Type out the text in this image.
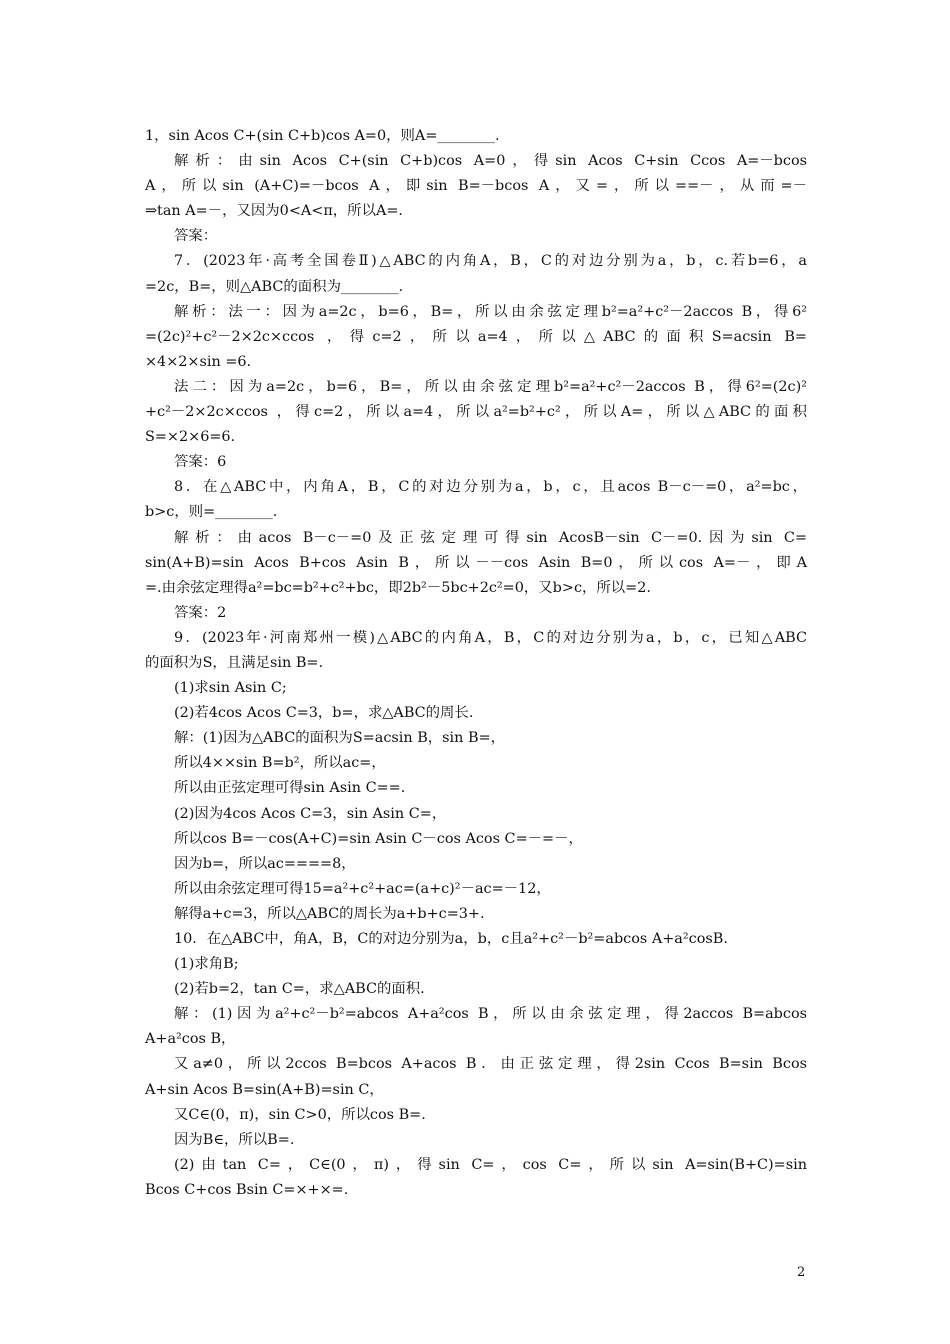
1，sin Acos C+(sin C+b)cos A=0，则A=________.
解析：由sin Acos C+(sin C+b)cos A=0，得sin Acos C+sin Ccos A=－bcos
A，所以sin (A+C)=－bcos A，即sin B=－bcos A，又=，所以==－，从而=－
⇒tan A=－，又因为0<A<π，所以A=.
答案：
7．(2023年·高考全国卷Ⅱ)△ABC的内角A，B，C的对边分别为a，b，c.若b=6，a
=2c，B=，则△ABC的面积为________.
解析：法一：因为a=2c，b=6，B=，所以由余弦定理b²=a²+c²－2accos B，得6²
=(2c)²+c²－2×2c×ccos ，得c=2，所以a=4，所以△ABC的面积S=acsin B=
×4×2×sin =6.
法二：因为a=2c，b=6，B=，所以由余弦定理b²=a²+c²－2accos B，得6²=(2c)²
+c²－2×2c×ccos ，得c=2，所以a=4，所以a²=b²+c²，所以A=，所以△ABC的面积
S=×2×6=6.
答案：6
8．在△ABC中，内角A，B，C的对边分别为a，b，c，且acos B－c－=0，a²=bc，
b>c，则=________.
解析：由acos B－c－=0及正弦定理可得sin AcosB－sin C－=0.因为sin C=
sin(A+B)=sin Acos B+cos Asin B，所以－－cos Asin B=0，所以cos A=－，即A
=.由余弦定理得a²=bc=b²+c²+bc，即2b²－5bc+2c²=0，又b>c，所以=2.
答案：2
9．(2023年·河南郑州一模)△ABC的内角A，B，C的对边分别为a，b，c，已知△ABC
的面积为S，且满足sin B=.
(1)求sin Asin C;
(2)若4cos Acos C=3，b=，求△ABC的周长.
解：(1)因为△ABC的面积为S=acsin B，sin B=，
所以4××sin B=b²，所以ac=，
所以由正弦定理可得sin Asin C==.
(2)因为4cos Acos C=3，sin Asin C=，
所以cos B=－cos(A+C)=sin Asin C－cos Acos C=－=－，
因为b=，所以ac====8，
所以由余弦定理可得15=a²+c²+ac=(a+c)²－ac=－12，
解得a+c=3，所以△ABC的周长为a+b+c=3+.
10．在△ABC中，角A，B，C的对边分别为a，b，c且a²+c²－b²=abcos A+a²cosB.
(1)求角B;
(2)若b=2，tan C=，求△ABC的面积.
解：(1)因为a²+c²－b²=abcos A+a²cos B，所以由余弦定理，得2accos B=abcos
A+a²cos B，
又a≠0，所以2ccos B=bcos A+acos B．由正弦定理，得2sin Ccos B=sin Bcos
A+sin Acos B=sin(A+B)=sin C，
又C∈(0，π)，sin C>0，所以cos B=.
因为B∈，所以B=.
(2)由tan C=，C∈(0，π)，得sin C=，cos C=，所以sin A=sin(B+C)=sin
Bcos C+cos Bsin C=×+×=.
2
